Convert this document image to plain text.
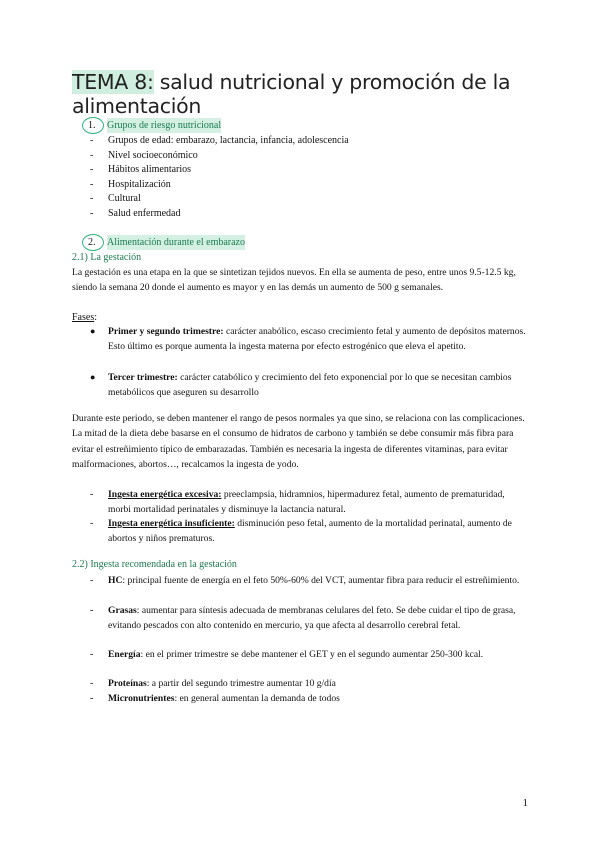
TEMA 8: salud nutricional y promoción de la alimentación
1. Grupos de riesgo nutricional
- Grupos de edad: embarazo, lactancia, infancia, adolescencia
- Nivel socioeconómico
- Hábitos alimentarios
- Hospitalización
- Cultural
- Salud enfermedad
2. Alimentación durante el embarazo
2.1) La gestación
La gestación es una etapa en la que se sintetizan tejidos nuevos. En ella se aumenta de peso, entre unos 9.5-12.5 kg, siendo la semana 20 donde el aumento es mayor y en las demás un aumento de 500 g semanales.
Fases:
● Primer y segundo trimestre: carácter anabólico, escaso crecimiento fetal y aumento de depósitos maternos. Esto último es porque aumenta la ingesta materna por efecto estrogénico que eleva el apetito.
● Tercer trimestre: carácter catabólico y crecimiento del feto exponencial por lo que se necesitan cambios metabólicos que aseguren su desarrollo
Durante este periodo, se deben mantener el rango de pesos normales ya que sino, se relaciona con las complicaciones. La mitad de la dieta debe basarse en el consumo de hidratos de carbono y también se debe consumir más fibra para evitar el estreñimiento típico de embarazadas. También es necesaria la ingesta de diferentes vitaminas, para evitar malformaciones, abortos…, recalcamos la ingesta de yodo.
- Ingesta energética excesiva: preeclampsia, hidramnios, hipermadurez fetal, aumento de prematuridad, morbi mortalidad perinatales y disminuye la lactancia natural.
- Ingesta energética insuficiente: disminución peso fetal, aumento de la mortalidad perinatal, aumento de abortos y niños prematuros.
2.2) Ingesta recomendada en la gestación
- HC: principal fuente de energía en el feto 50%-60% del VCT, aumentar fibra para reducir el estreñimiento.
- Grasas: aumentar para síntesis adecuada de membranas celulares del feto. Se debe cuidar el tipo de grasa, evitando pescados con alto contenido en mercurio, ya que afecta al desarrollo cerebral fetal.
- Energía: en el primer trimestre se debe mantener el GET y en el segundo aumentar 250-300 kcal.
- Proteínas: a partir del segundo trimestre aumentar 10 g/día
- Micronutrientes: en general aumentan la demanda de todos
1
